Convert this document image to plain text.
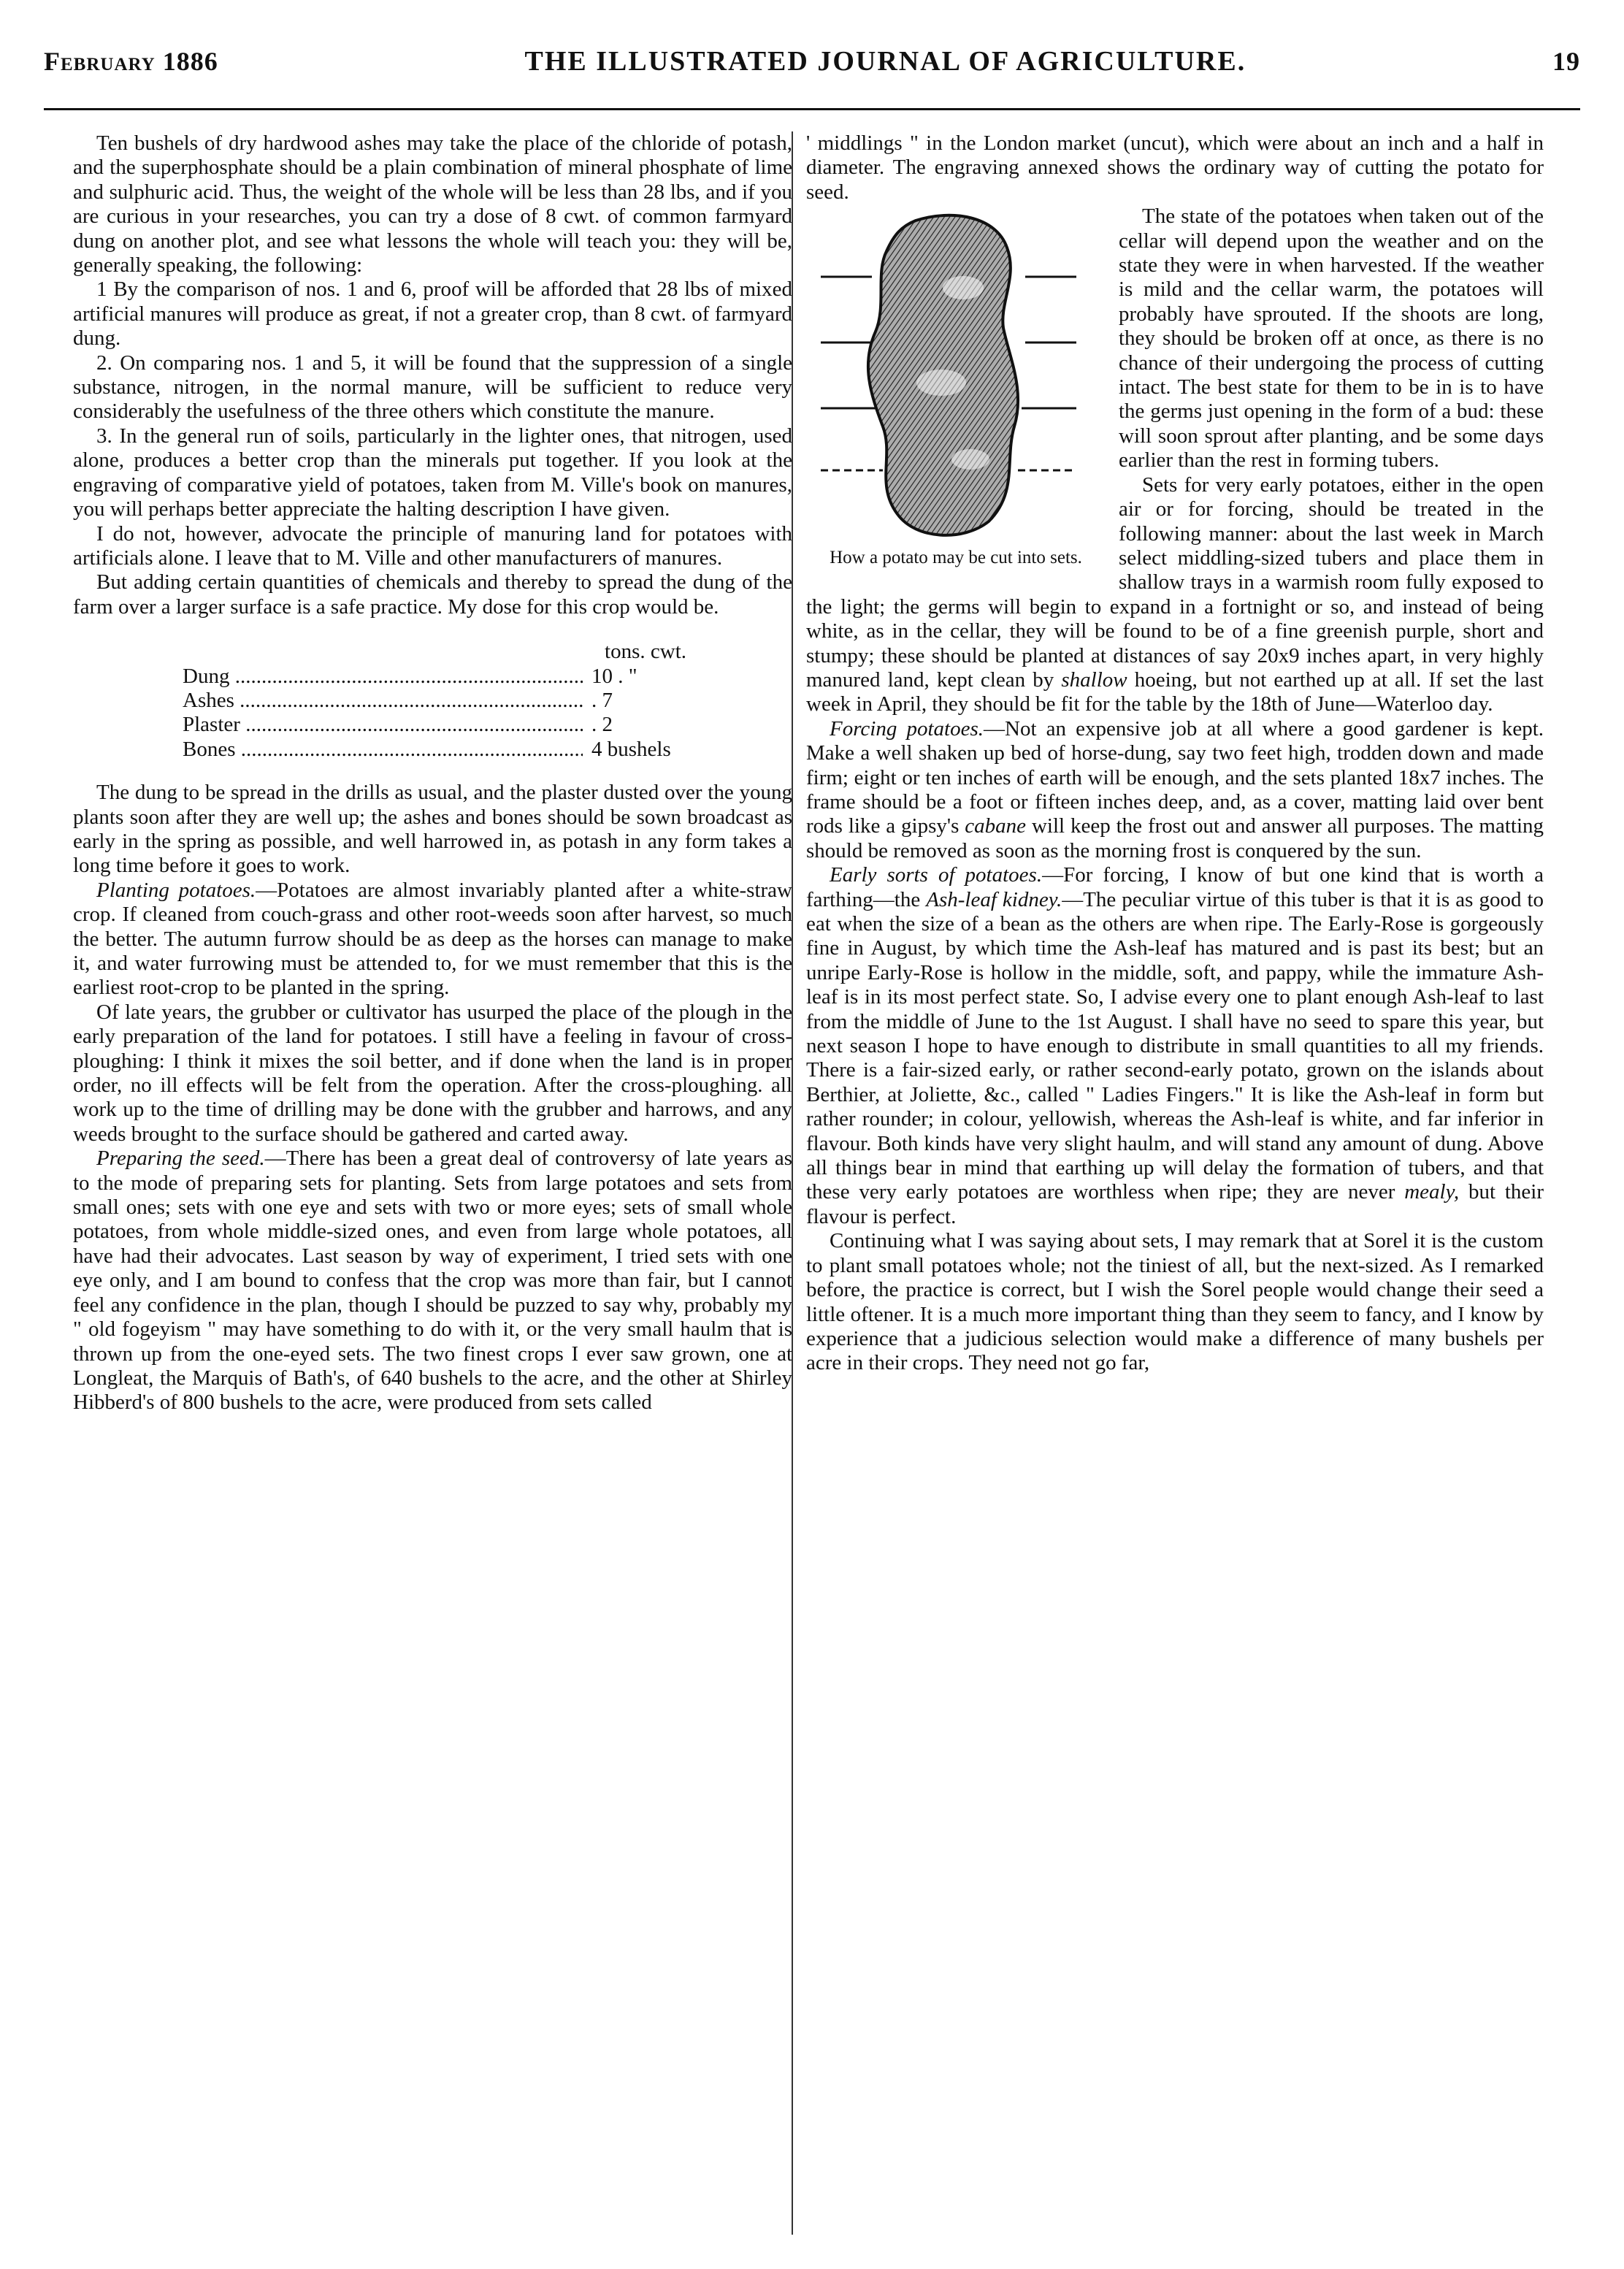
February 1886	THE ILLUSTRATED JOURNAL OF AGRICULTURE.	19

Ten bushels of dry hardwood ashes may take the place of the chloride of potash, and the superphosphate should be a plain combination of mineral phosphate of lime and sulphuric acid. Thus, the weight of the whole will be less than 28 lbs, and if you are curious in your researches, you can try a dose of 8 cwt. of common farmyard dung on another plot, and see what lessons the whole will teach you: they will be, generally speaking, the following:

1 By the comparison of nos. 1 and 6, proof will be afforded that 28 lbs of mixed artificial manures will produce as great, if not a greater crop, than 8 cwt. of farmyard dung.

2. On comparing nos. 1 and 5, it will be found that the suppression of a single substance, nitrogen, in the normal manure, will be sufficient to reduce very considerably the usefulness of the three others which constitute the manure.

3. In the general run of soils, particularly in the lighter ones, that nitrogen, used alone, produces a better crop than the minerals put together. If you look at the engraving of comparative yield of potatoes, taken from M. Ville's book on manures, you will perhaps better appreciate the halting description I have given.

I do not, however, advocate the principle of manuring land for potatoes with artificials alone. I leave that to M. Ville and other manufacturers of manures.

But adding certain quantities of chemicals and thereby to spread the dung of the farm over a larger surface is a safe practice. My dose for this crop would be.

tons. cwt.
Dung .....	10 . "
Ashes .....	. 7
Plaster .....	. 2
Bones .....	4 bushels

The dung to be spread in the drills as usual, and the plaster dusted over the young plants soon after they are well up; the ashes and bones should be sown broadcast as early in the spring as possible, and well harrowed in, as potash in any form takes a long time before it goes to work.

Planting potatoes.—Potatoes are almost invariably planted after a white-straw crop. If cleaned from couch-grass and other root-weeds soon after harvest, so much the better. The autumn furrow should be as deep as the horses can manage to make it, and water furrowing must be attended to, for we must remember that this is the earliest root-crop to be planted in the spring.

Of late years, the grubber or cultivator has usurped the place of the plough in the early preparation of the land for potatoes. I still have a feeling in favour of cross-ploughing: I think it mixes the soil better, and if done when the land is in proper order, no ill effects will be felt from the operation. After the cross-ploughing. all work up to the time of drilling may be done with the grubber and harrows, and any weeds brought to the surface should be gathered and carted away.

Preparing the seed.—There has been a great deal of controversy of late years as to the mode of preparing sets for planting. Sets from large potatoes and sets from small ones; sets with one eye and sets with two or more eyes; sets of small whole potatoes, from whole middle-sized ones, and even from large whole potatoes, all have had their advocates. Last season by way of experiment, I tried sets with one eye only, and I am bound to confess that the crop was more than fair, but I cannot feel any confidence in the plan, though I should be puzzed to say why, probably my " old fogeyism " may have something to do with it, or the very small haulm that is thrown up from the one-eyed sets. The two finest crops I ever saw grown, one at Longleat, the Marquis of Bath's, of 640 bushels to the acre, and the other at Shirley Hibberd's of 800 bushels to the acre, were produced from sets called

' middlings " in the London market (uncut), which were about an inch and a half in diameter. The engraving annexed shows the ordinary way of cutting the potato for seed.

How a potato may be cut into sets.

The state of the potatoes when taken out of the cellar will depend upon the weather and on the state they were in when harvested. If the weather is mild and the cellar warm, the potatoes will probably have sprouted. If the shoots are long, they should be broken off at once, as there is no chance of their undergoing the process of cutting intact. The best state for them to be in is to have the germs just opening in the form of a bud: these will soon sprout after planting, and be some days earlier than the rest in forming tubers.

Sets for very early potatoes, either in the open air or for forcing, should be treated in the following manner: about the last week in March select middling-sized tubers and place them in shallow trays in a warmish room fully exposed to the light; the germs will begin to expand in a fortnight or so, and instead of being white, as in the cellar, they will be found to be of a fine greenish purple, short and stumpy; these should be planted at distances of say 20x9 inches apart, in very highly manured land, kept clean by shallow hoeing, but not earthed up at all. If set the last week in April, they should be fit for the table by the 18th of June—Waterloo day.

Forcing potatoes.—Not an expensive job at all where a good gardener is kept. Make a well shaken up bed of horse-dung, say two feet high, trodden down and made firm; eight or ten inches of earth will be enough, and the sets planted 18x7 inches. The frame should be a foot or fifteen inches deep, and, as a cover, matting laid over bent rods like a gipsy's cabane will keep the frost out and answer all purposes. The matting should be removed as soon as the morning frost is conquered by the sun.

Early sorts of potatoes.—For forcing, I know of but one kind that is worth a farthing—the Ash-leaf kidney.—The peculiar virtue of this tuber is that it is as good to eat when the size of a bean as the others are when ripe. The Early-Rose is gorgeously fine in August, by which time the Ash-leaf has matured and is past its best; but an unripe Early-Rose is hollow in the middle, soft, and pappy, while the immature Ash-leaf is in its most perfect state. So, I advise every one to plant enough Ash-leaf to last from the middle of June to the 1st August. I shall have no seed to spare this year, but next season I hope to have enough to distribute in small quantities to all my friends. There is a fair-sized early, or rather second-early potato, grown on the islands about Berthier, at Joliette, &c., called " Ladies Fingers." It is like the Ash-leaf in form but rather rounder; in colour, yellowish, whereas the Ash-leaf is white, and far inferior in flavour. Both kinds have very slight haulm, and will stand any amount of dung. Above all things bear in mind that earthing up will delay the formation of tubers, and that these very early potatoes are worthless when ripe; they are never mealy, but their flavour is perfect.

Continuing what I was saying about sets, I may remark that at Sorel it is the custom to plant small potatoes whole; not the tiniest of all, but the next-sized. As I remarked before, the practice is correct, but I wish the Sorel people would change their seed a little oftener. It is a much more important thing than they seem to fancy, and I know by experience that a judicious selection would make a difference of many bushels per acre in their crops. They need not go far,
